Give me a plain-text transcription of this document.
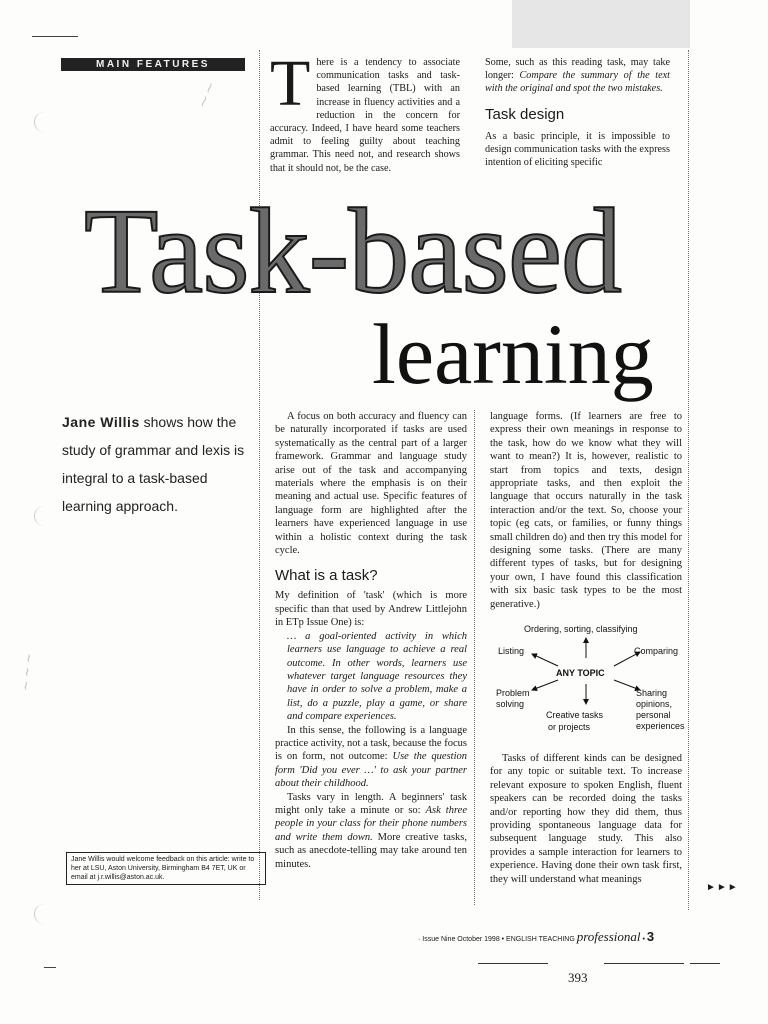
MAIN FEATURES T here is a tendency to associate communication tasks and task-based learning (TBL) with an increase in fluency activities and a reduction in the concern for accuracy. Indeed, I have heard some teachers admit to feeling guilty about teaching grammar. This need not, and research shows that it should not, be the case.

Some, such as this reading task, may take longer: Compare the summary of the text with the original and spot the two mistakes.

Task design

As a basic principle, it is impossible to design communication tasks with the express intention of eliciting specific

⁓ ⁓
~ ~ ~
Task-based
learning
Jane Willis shows how the study of grammar and lexis is integral to a task-based learning approach.
Jane Willis would welcome feedback on this article: write to her at LSU, Aston University, Birmingham B4 7ET, UK or email at j.r.willis@aston.ac.uk.

A focus on both accuracy and fluency can be naturally incorporated if tasks are used systematically as the central part of a larger framework. Grammar and language study arise out of the task and accompanying materials where the emphasis is on their meaning and actual use. Specific features of language form are highlighted after the learners have experienced language in use within a holistic context during the task cycle.

What is a task?

My definition of 'task' (which is more specific than that used by Andrew Littlejohn in ETp Issue One) is:

… a goal-oriented activity in which learners use language to achieve a real outcome. In other words, learners use whatever target language resources they have in order to solve a problem, make a list, do a puzzle, play a game, or share and compare experiences.

In this sense, the following is a language practice activity, not a task, because the focus is on form, not outcome: Use the question form 'Did you ever …' to ask your partner about their childhood.

Tasks vary in length. A beginners' task might only take a minute or so: Ask three people in your class for their phone numbers and write them down. More creative tasks, such as anecdote-telling may take around ten minutes.

language forms. (If learners are free to express their own meanings in response to the task, how do we know what they will want to mean?) It is, however, realistic to start from topics and texts, design appropriate tasks, and then exploit the language that occurs naturally in the task interaction and/or the text. So, choose your topic (eg cats, or families, or funny things small children do) and then try this model for designing some tasks. (There are many different types of tasks, but for designing your own, I have found this classification with six basic task types to be the most generative.)

Ordering, sorting, classifying
Listing	Comparing
ANY TOPIC
Problem
solving
Creative tasks
or projects
Sharing
opinions,
personal
experiences

Tasks of different kinds can be designed for any topic or suitable text. To increase relevant exposure to spoken English, fluent speakers can be recorded doing the tasks and/or reporting how they did them, thus providing spontaneous language data for subsequent language study. This also provides a sample interaction for learners to experience. Having done their own task first, they will understand what meanings

►►►
· Issue Nine October 1998 • ENGLISH TEACHING professional • 3
393
